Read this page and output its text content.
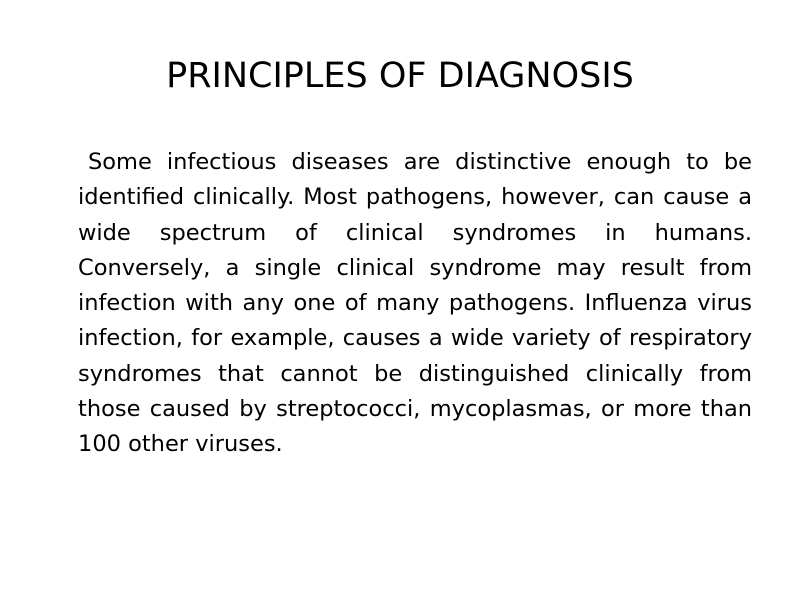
PRINCIPLES OF DIAGNOSIS

Some infectious diseases are distinctive enough to be identified clinically. Most pathogens, however, can cause a wide spectrum of clinical syndromes in humans. Conversely, a single clinical syndrome may result from infection with any one of many pathogens. Influenza virus infection, for example, causes a wide variety of respiratory syndromes that cannot be distinguished clinically from those caused by streptococci, mycoplasmas, or more than 100 other viruses.
